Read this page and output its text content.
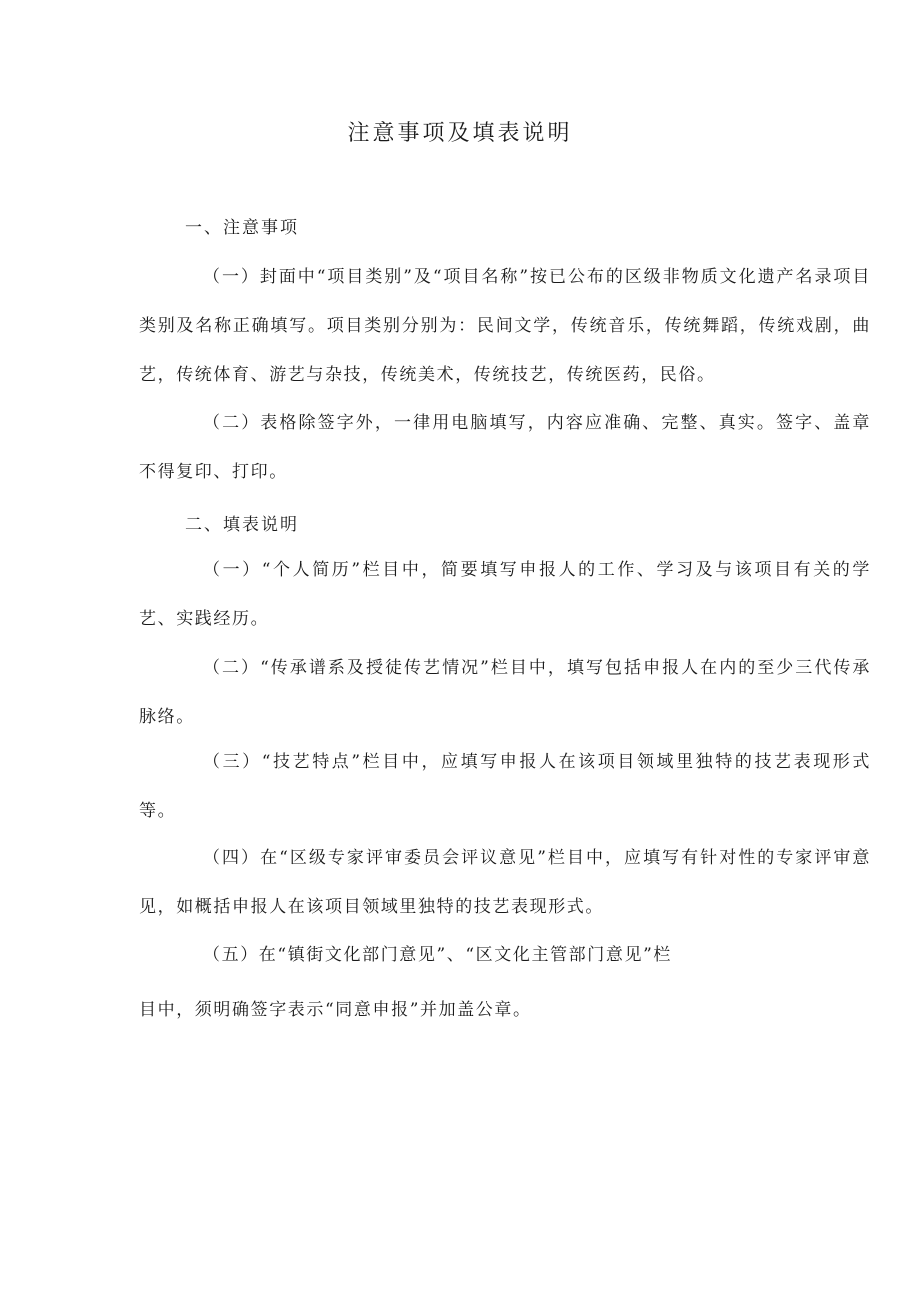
注意事项及填表说明
一、注意事项
（一）封面中“项目类别”及“项目名称”按已公布的区级非物质文化遗产名录项目类别及名称正确填写。项目类别分别为：民间文学，传统音乐，传统舞蹈，传统戏剧，曲艺，传统体育、游艺与杂技，传统美术，传统技艺，传统医药，民俗。
（二）表格除签字外，一律用电脑填写，内容应准确、完整、真实。签字、盖章不得复印、打印。
二、填表说明
（一）“个人简历”栏目中，简要填写申报人的工作、学习及与该项目有关的学艺、实践经历。
（二）“传承谱系及授徒传艺情况”栏目中，填写包括申报人在内的至少三代传承脉络。
（三）“技艺特点”栏目中，应填写申报人在该项目领域里独特的技艺表现形式等。
（四）在“区级专家评审委员会评议意见”栏目中，应填写有针对性的专家评审意见，如概括申报人在该项目领域里独特的技艺表现形式。
（五）在“镇街文化部门意见”、“区文化主管部门意见”栏
目中，须明确签字表示“同意申报”并加盖公章。
